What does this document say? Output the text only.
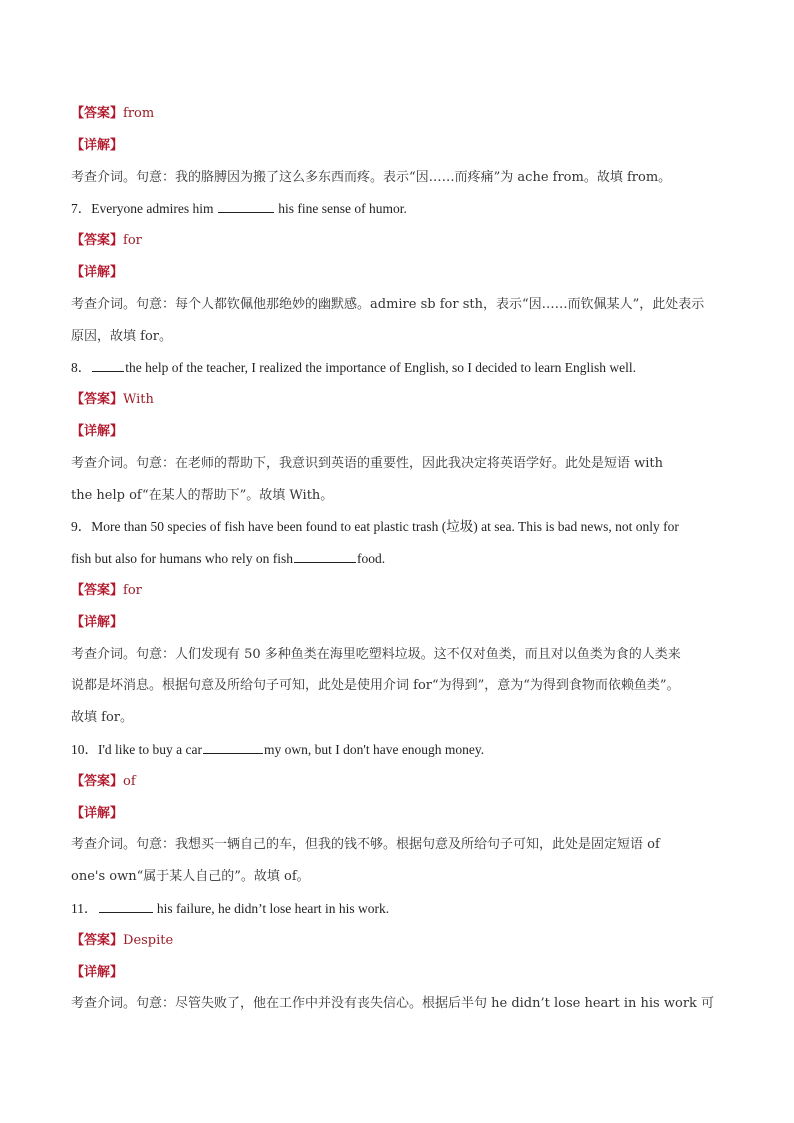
【答案】from
【详解】
考查介词。句意：我的胳膊因为搬了这么多东西而疼。表示“因……而疼痛”为 ache from。故填 from。
7．Everyone admires him	his fine sense of humor.
【答案】for
【详解】
考查介词。句意：每个人都钦佩他那绝妙的幽默感。admire sb for sth，表示“因……而钦佩某人”，此处表示
原因，故填 for。
8．	the help of the teacher, I realized the importance of English, so I decided to learn English well.
【答案】With
【详解】
考查介词。句意：在老师的帮助下，我意识到英语的重要性，因此我决定将英语学好。此处是短语 with
the help of“在某人的帮助下”。故填 With。
9．More than 50 species of fish have been found to eat plastic trash (垃圾) at sea. This is bad news, not only for
fish but also for humans who rely on fish	food.
【答案】for
【详解】
考查介词。句意：人们发现有 50 多种鱼类在海里吃塑料垃圾。这不仅对鱼类，而且对以鱼类为食的人类来
说都是坏消息。根据句意及所给句子可知，此处是使用介词 for“为得到”，意为“为得到食物而依赖鱼类”。
故填 for。
10．I'd like to buy a car	my own, but I don't have enough money.
【答案】of
【详解】
考查介词。句意：我想买一辆自己的车，但我的钱不够。根据句意及所给句子可知，此处是固定短语 of
one's own“属于某人自己的”。故填 of。
11．	his failure, he didn’t lose heart in his work.
【答案】Despite
【详解】
考查介词。句意：尽管失败了，他在工作中并没有丧失信心。根据后半句 he didn’t lose heart in his work 可
